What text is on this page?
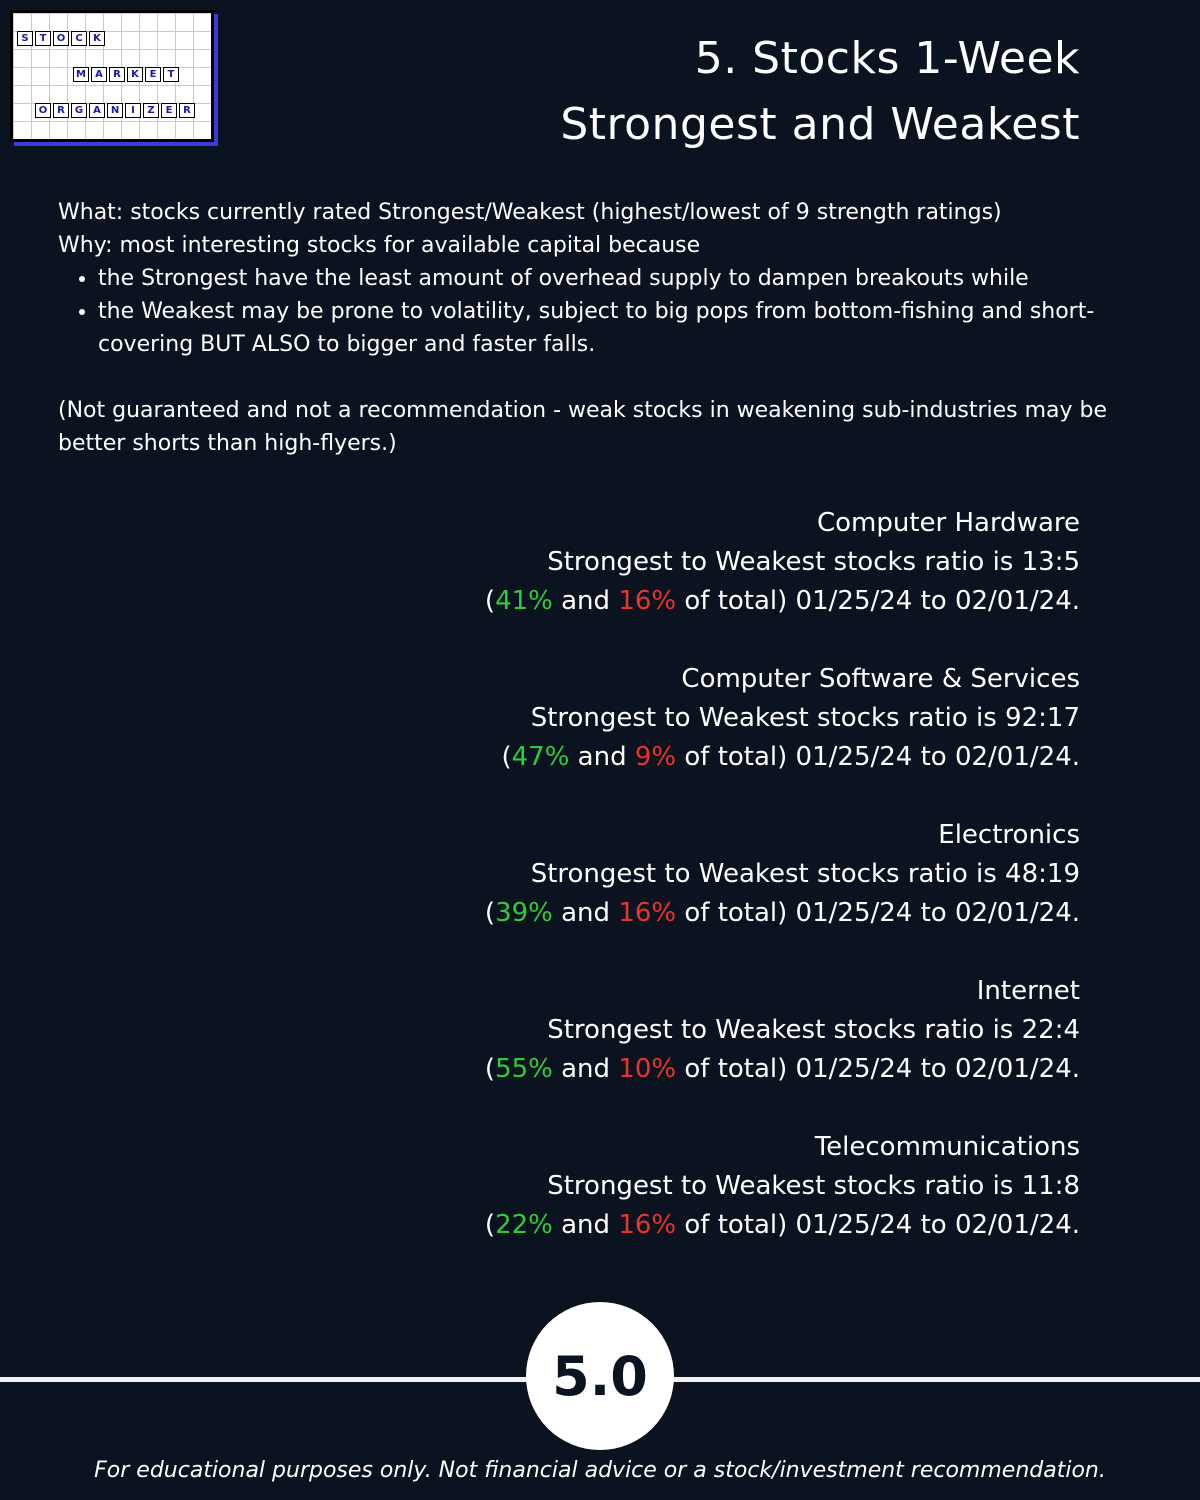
S	T	O	C	K
M A	R	K	E	T
O R	G	A N	I	Z	E	R
5. Stocks 1-Week
Strongest and Weakest

What: stocks currently rated Strongest/Weakest (highest/lowest of 9 strength ratings)

Why: most interesting stocks for available capital because

• the Strongest have the least amount of overhead supply to dampen breakouts while
• the Weakest may be prone to volatility, subject to big pops from bottom-fishing and short-covering BUT ALSO to bigger and faster falls.

(Not guaranteed and not a recommendation - weak stocks in weakening sub-industries may be better shorts than high-flyers.)

Computer Hardware
Strongest to Weakest stocks ratio is 13:5
(41% and 16% of total) 01/25/24 to 02/01/24.
Computer Software & Services
Strongest to Weakest stocks ratio is 92:17
(47% and 9% of total) 01/25/24 to 02/01/24.
Electronics
Strongest to Weakest stocks ratio is 48:19
(39% and 16% of total) 01/25/24 to 02/01/24.
Internet
Strongest to Weakest stocks ratio is 22:4
(55% and 10% of total) 01/25/24 to 02/01/24.
Telecommunications
Strongest to Weakest stocks ratio is 11:8
(22% and 16% of total) 01/25/24 to 02/01/24.
5.0
For educational purposes only. Not financial advice or a stock/investment recommendation.
